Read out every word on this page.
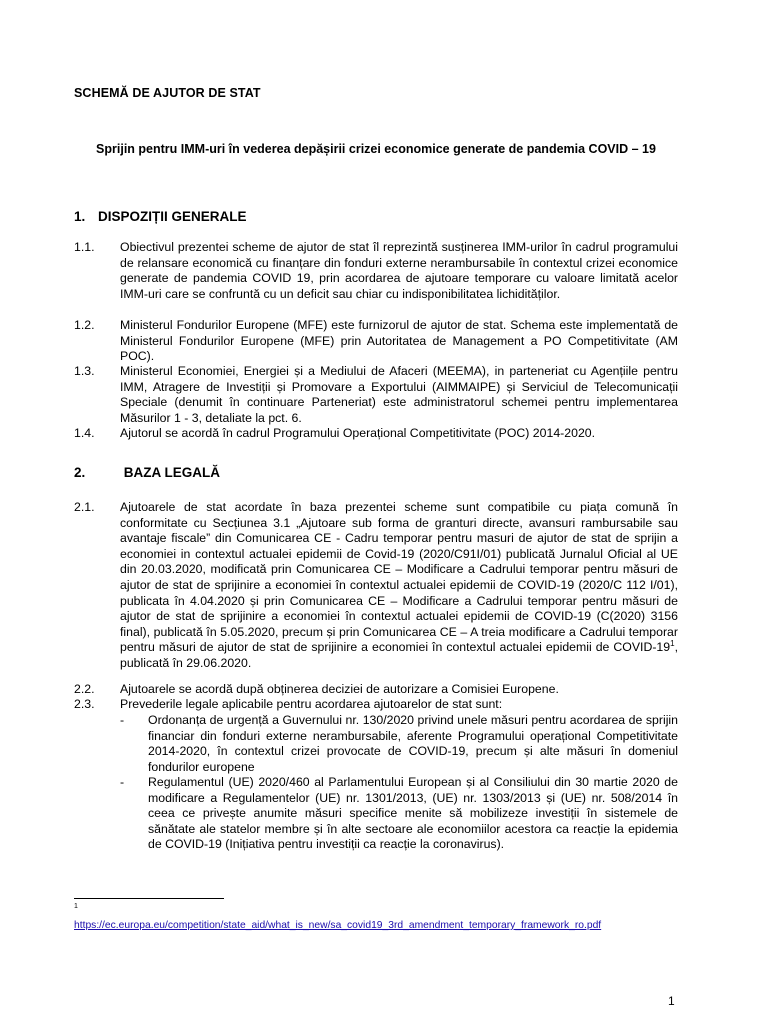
SCHEMĂ DE AJUTOR DE STAT
Sprijin pentru IMM-uri în vederea depășirii crizei economice generate de pandemia COVID – 19
1. DISPOZIȚII GENERALE
1.1. Obiectivul prezentei scheme de ajutor de stat îl reprezintă susținerea IMM-urilor în cadrul programului de relansare economică cu finanțare din fonduri externe nerambursabile în contextul crizei economice generate de pandemia COVID 19, prin acordarea de ajutoare temporare cu valoare limitată acelor IMM-uri care se confruntă cu un deficit sau chiar cu indisponibilitatea lichidităților.
1.2. Ministerul Fondurilor Europene (MFE) este furnizorul de ajutor de stat. Schema este implementată de Ministerul Fondurilor Europene (MFE) prin Autoritatea de Management a PO Competitivitate (AM POC).
1.3. Ministerul Economiei, Energiei și a Mediului de Afaceri (MEEMA), in parteneriat cu Agențiile pentru IMM, Atragere de Investiții și Promovare a Exportului (AIMMAIPE) și Serviciul de Telecomunicații Speciale (denumit în continuare Parteneriat) este administratorul schemei pentru implementarea Măsurilor 1 - 3, detaliate la pct. 6.
1.4. Ajutorul se acordă în cadrul Programului Operațional Competitivitate (POC) 2014-2020.
2.	BAZA LEGALĂ
2.1. Ajutoarele de stat acordate în baza prezentei scheme sunt compatibile cu piața comună în conformitate cu Secțiunea 3.1 „Ajutoare sub forma de granturi directe, avansuri rambursabile sau avantaje fiscale” din Comunicarea CE - Cadru temporar pentru masuri de ajutor de stat de sprijin a economiei in contextul actualei epidemii de Covid-19 (2020/C91I/01) publicată Jurnalul Oficial al UE din 20.03.2020, modificată prin Comunicarea CE – Modificare a Cadrului temporar pentru măsuri de ajutor de stat de sprijinire a economiei în contextul actualei epidemii de COVID-19 (2020/C 112 I/01), publicata în 4.04.2020 și prin Comunicarea CE – Modificare a Cadrului temporar pentru măsuri de ajutor de stat de sprijinire a economiei în contextul actualei epidemii de COVID-19 (C(2020) 3156 final), publicată în 5.05.2020, precum și prin Comunicarea CE – A treia modificare a Cadrului temporar pentru măsuri de ajutor de stat de sprijinire a economiei în contextul actualei epidemii de COVID-$19^1$, publicată în 29.06.2020.
2.2. Ajutoarele se acordă după obținerea deciziei de autorizare a Comisiei Europene.
2.3. Prevederile legale aplicabile pentru acordarea ajutoarelor de stat sunt:
- Ordonanța de urgență a Guvernului nr. 130/2020 privind unele măsuri pentru acordarea de sprijin financiar din fonduri externe nerambursabile, aferente Programului operațional Competitivitate 2014-2020, în contextul crizei provocate de COVID-19, precum și alte măsuri în domeniul fondurilor europene
- Regulamentul (UE) 2020/460 al Parlamentului European și al Consiliului din 30 martie 2020 de modificare a Regulamentelor (UE) nr. 1301/2013, (UE) nr. 1303/2013 și (UE) nr. 508/2014 în ceea ce privește anumite măsuri specifice menite să mobilizeze investiții în sistemele de sănătate ale statelor membre și în alte sectoare ale economiilor acestora ca reacție la epidemia de COVID-19 (Inițiativa pentru investiții ca reacție la coronavirus).
1
https://ec.europa.eu/competition/state_aid/what_is_new/sa_covid19_3rd_amendment_temporary_framework_ro.pdf
1
